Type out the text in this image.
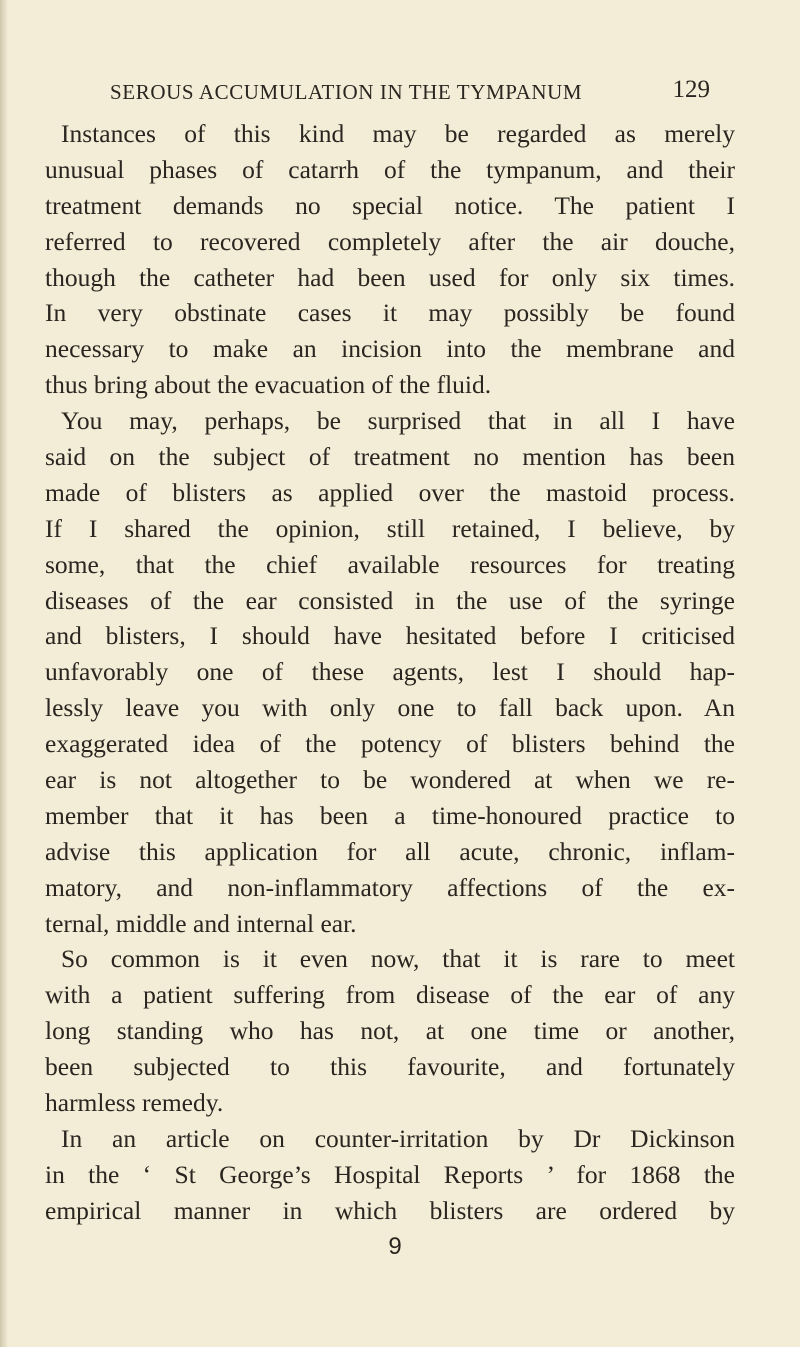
SEROUS ACCUMULATION IN THE TYMPANUM	129
Instances of this kind may be regarded as merely
unusual phases of catarrh of the tympanum, and their
treatment demands no special notice. The patient I
referred to recovered completely after the air douche,
though the catheter had been used for only six times.
In very obstinate cases it may possibly be found
necessary to make an incision into the membrane and
thus bring about the evacuation of the fluid.
You may, perhaps, be surprised that in all I have
said on the subject of treatment no mention has been
made of blisters as applied over the mastoid process.
If I shared the opinion, still retained, I believe, by
some, that the chief available resources for treating
diseases of the ear consisted in the use of the syringe
and blisters, I should have hesitated before I criticised
unfavorably one of these agents, lest I should hap-
lessly leave you with only one to fall back upon. An
exaggerated idea of the potency of blisters behind the
ear is not altogether to be wondered at when we re-
member that it has been a time-honoured practice to
advise this application for all acute, chronic, inflam-
matory, and non-inflammatory affections of the ex-
ternal, middle and internal ear.
So common is it even now, that it is rare to meet
with a patient suffering from disease of the ear of any
long standing who has not, at one time or another,
been subjected to this favourite, and fortunately
harmless remedy.
In an article on counter-irritation by Dr Dickinson
in the ‘ St George’s Hospital Reports ’ for 1868 the
empirical manner in which blisters are ordered by
9
